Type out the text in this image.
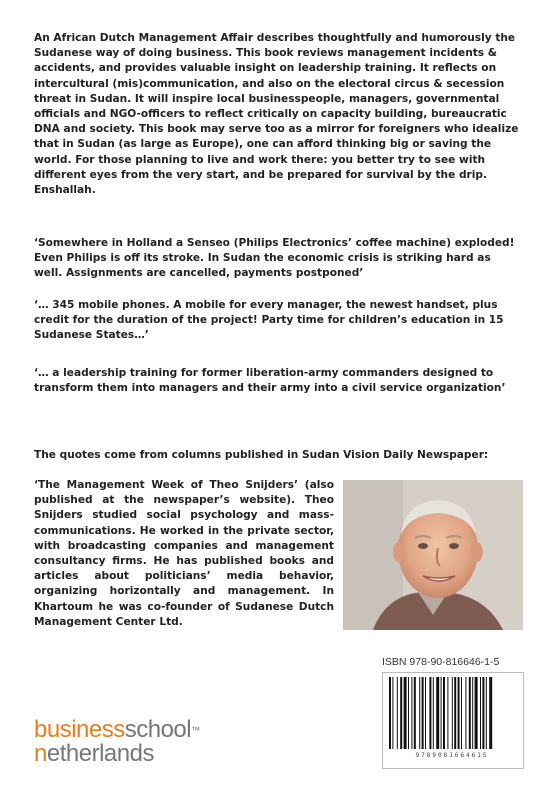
An African Dutch Management Affair describes thoughtfully and humorously the Sudanese way of doing business. This book reviews management incidents & accidents, and provides valuable insight on leadership training. It reflects on intercultural (mis)communication, and also on the electoral circus & secession threat in Sudan. It will inspire local businesspeople, managers, governmental officials and NGO-officers to reflect critically on capacity building, bureaucratic DNA and society. This book may serve too as a mirror for foreigners who idealize that in Sudan (as large as Europe), one can afford thinking big or saving the world. For those planning to live and work there: you better try to see with different eyes from the very start, and be prepared for survival by the drip. Enshallah.
‘Somewhere in Holland a Senseo (Philips Electronics’ coffee machine) exploded! Even Philips is off its stroke. In Sudan the economic crisis is striking hard as well. Assignments are cancelled, payments postponed’
‘… 345 mobile phones. A mobile for every manager, the newest handset, plus credit for the duration of the project! Party time for children’s education in 15 Sudanese States…’
‘… a leadership training for former liberation-army commanders designed to transform them into managers and their army into a civil service organization’
The quotes come from columns published in Sudan Vision Daily Newspaper:
‘The Management Week of Theo Snijders’ (also published at the newspaper’s website). Theo Snijders studied social psychology and mass-communications. He worked in the private sector, with broadcasting companies and management consultancy firms. He has published books and articles about politicians’ media behavior, organizing horizontally and management. In Khartoum he was co-founder of Sudanese Dutch Management Center Ltd.
ISBN 978-90-816646-1-5
9789081664615
businessschool™
netherlands
